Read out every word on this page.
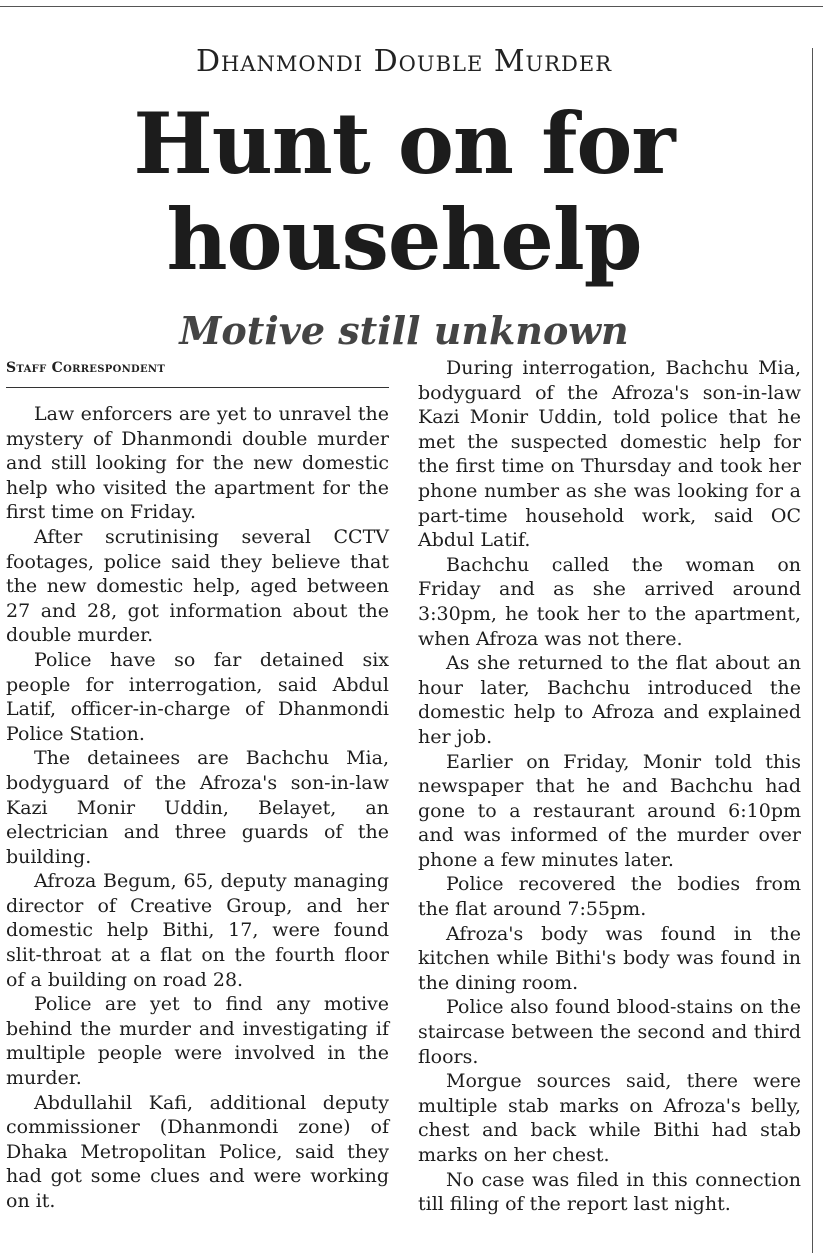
Dhanmondi Double Murder
Hunt on for househelp
Motive still unknown
Staff Correspondent

Law enforcers are yet to unravel the mystery of Dhanmondi double murder and still looking for the new domestic help who visited the apartment for the first time on Friday.

After scrutinising several CCTV footages, police said they believe that the new domestic help, aged between 27 and 28, got information about the double murder.

Police have so far detained six people for interrogation, said Abdul Latif, officer-in-charge of Dhanmondi Police Station.

The detainees are Bachchu Mia, bodyguard of the Afroza's son-in-law Kazi Monir Uddin, Belayet, an electrician and three guards of the building.

Afroza Begum, 65, deputy managing director of Creative Group, and her domestic help Bithi, 17, were found slit-throat at a flat on the fourth floor of a building on road 28.

Police are yet to find any motive behind the murder and investigating if multiple people were involved in the murder.

Abdullahil Kafi, additional deputy commissioner (Dhanmondi zone) of Dhaka Metropolitan Police, said they had got some clues and were working on it.

During interrogation, Bachchu Mia, bodyguard of the Afroza's son-in-law Kazi Monir Uddin, told police that he met the suspected domestic help for the first time on Thursday and took her phone number as she was looking for a part-time household work, said OC Abdul Latif.

Bachchu called the woman on Friday and as she arrived around 3:30pm, he took her to the apartment, when Afroza was not there.

As she returned to the flat about an hour later, Bachchu introduced the domestic help to Afroza and explained her job.

Earlier on Friday, Monir told this newspaper that he and Bachchu had gone to a restaurant around 6:10pm and was informed of the murder over phone a few minutes later.

Police recovered the bodies from the flat around 7:55pm.

Afroza's body was found in the kitchen while Bithi's body was found in the dining room.

Police also found blood-stains on the staircase between the second and third floors.

Morgue sources said, there were multiple stab marks on Afroza's belly, chest and back while Bithi had stab marks on her chest.

No case was filed in this connection till filing of the report last night.
